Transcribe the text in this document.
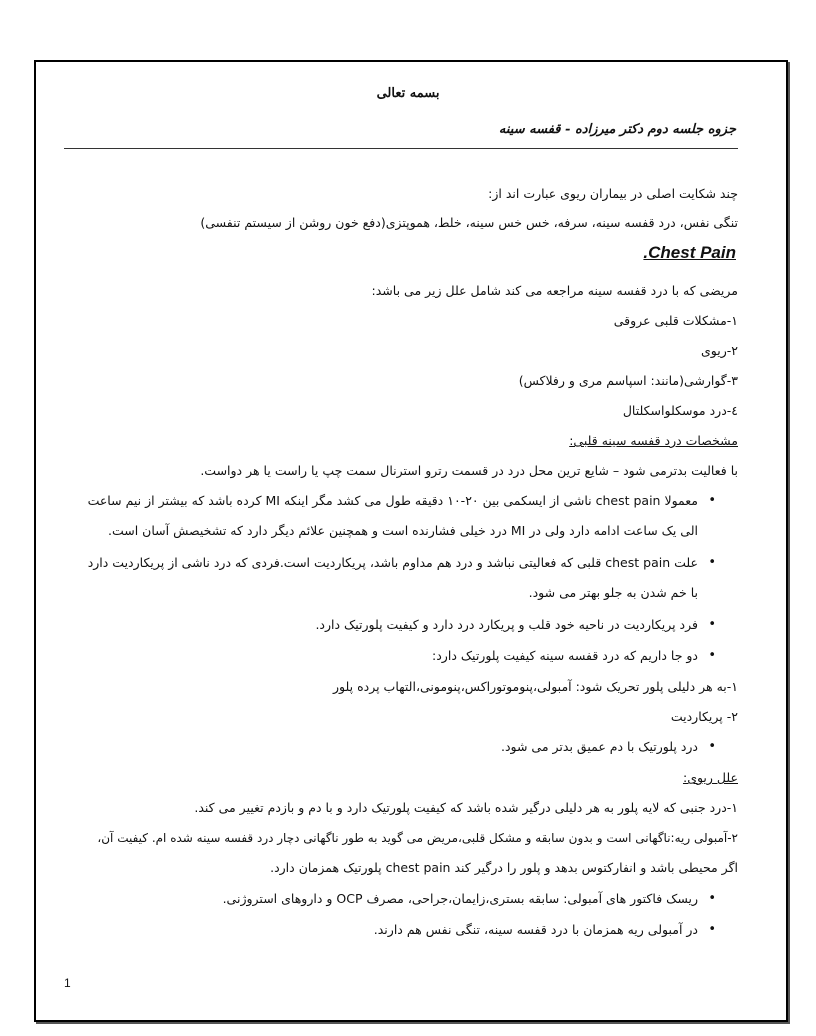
بسمه تعالی
جزوه جلسه دوم دکتر میرزاده - قفسه سینه
چند شکایت اصلی در بیماران ریوی عبارت اند از:
تنگی نفس، درد قفسه سینه، سرفه، خس خس سینه، خلط، هموپتزی(دفع خون روشن از سیستم تنفسی)
.Chest Pain
مریضی که با درد قفسه سینه مراجعه می کند شامل علل زیر می باشد:
۱-مشکلات قلبی عروقی
۲-ریوی
۳-گوارشی(مانند: اسپاسم مری و رفلاکس)
٤-درد موسکلواسکلتال
مشخصات درد قفسه سینه قلبی:
با فعالیت بدترمی شود – شایع ترین محل درد در قسمت رترو استرنال سمت چپ یا راست یا هر دواست.
•
معمولا chest pain ناشی از ایسکمی بین ۲۰-۱۰ دقیقه طول می کشد مگر اینکه MI کرده باشد که بیشتر از نیم ساعت
الی یک ساعت ادامه دارد ولی در MI درد خیلی فشارنده است و همچنین علائم دیگر دارد که تشخیصش آسان است.
•
علت chest pain قلبی که فعالیتی نباشد و درد هم مداوم باشد، پریکاردیت است.فردی که درد ناشی از پریکاردیت دارد
با خم شدن به جلو بهتر می شود.
•
فرد پریکاردیت در ناحیه خود قلب و پریکارد درد دارد و کیفیت پلورتیک دارد.
•
دو جا داریم که درد قفسه سینه کیفیت پلورتیک دارد:
۱-به هر دلیلی پلور تحریک شود: آمبولی،پنوموتوراکس،پنومونی،التهاب پرده پلور
۲- پریکاردیت
•
درد پلورتیک با دم عمیق بدتر می شود.
علل ریوی:
۱-درد جنبی که لایه پلور به هر دلیلی درگیر شده باشد که کیفیت پلورتیک دارد و با دم و بازدم تغییر می کند.
۲-آمبولی ریه:ناگهانی است و بدون سابقه و مشکل قلبی،مریض می گوید به طور ناگهانی دچار درد قفسه سینه شده ام. کیفیت آن،
اگر محیطی باشد و انفارکتوس بدهد و پلور را درگیر کند chest pain پلورتیک همزمان دارد.
•
ریسک فاکتور های آمبولی: سابقه بستری،زایمان،جراحی، مصرف OCP و داروهای استروژنی.
•
در آمبولی ریه همزمان با درد قفسه سینه، تنگی نفس هم دارند.
1
